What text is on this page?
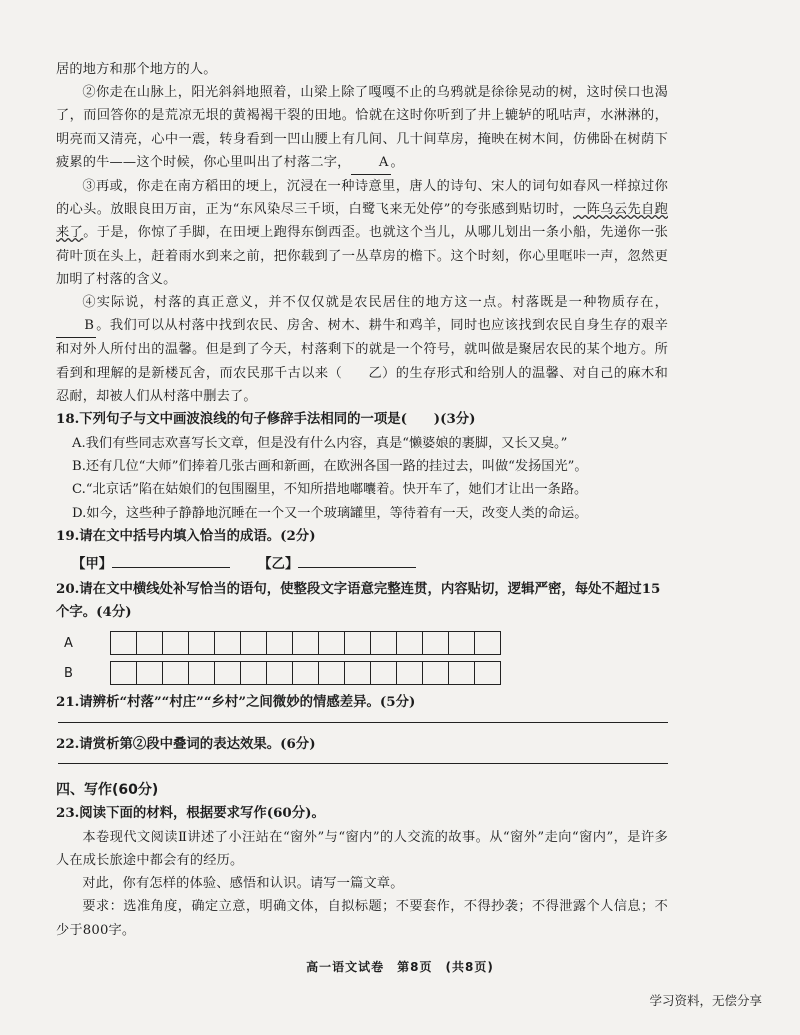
居的地方和那个地方的人。

②你走在山脉上，阳光斜斜地照着，山梁上除了嘎嘎不止的乌鸦就是徐徐晃动的树，这时侯口也渴了，而回答你的是荒凉无垠的黄褐褐干裂的田地。恰就在这时你听到了井上辘轳的吼咕声，水淋淋的，明亮而又清亮，心中一震，转身看到一凹山腰上有几间、几十间草房，掩映在树木间，仿佛卧在树荫下疲累的牛——这个时候，你心里叫出了村落二字， A 。

③再或，你走在南方稻田的埂上，沉浸在一种诗意里，唐人的诗句、宋人的词句如春风一样掠过你的心头。放眼良田万亩，正为“东风染尽三千顷，白鹭飞来无处停”的夸张感到贴切时，一阵乌云先自跑来了。于是，你惊了手脚，在田埂上跑得东倒西歪。也就这个当儿，从哪儿划出一条小船，先递你一张荷叶顶在头上，赶着雨水到来之前，把你载到了一丛草房的檐下。这个时刻，你心里哐咔一声，忽然更加明了村落的含义。

④实际说，村落的真正意义，并不仅仅就是农民居住的地方这一点。村落既是一种物质存在，B 。我们可以从村落中找到农民、房舍、树木、耕牛和鸡羊，同时也应该找到农民自身生存的艰辛和对外人所付出的温馨。但是到了今天，村落剩下的就是一个符号，就叫做是聚居农民的某个地方。所看到和理解的是新楼瓦舍，而农民那千古以来（ 乙）的生存形式和给别人的温馨、对自己的麻木和忍耐，却被人们从村落中删去了。

18.下列句子与文中画波浪线的句子修辞手法相同的一项是(　　)(3分)

A.我们有些同志欢喜写长文章，但是没有什么内容，真是“懒婆娘的裹脚，又长又臭。”

B.还有几位“大师”们捧着几张古画和新画，在欧洲各国一路的挂过去，叫做“发扬国光”。

C.“北京话”陷在姑娘们的包围圈里，不知所措地嘟囔着。快开车了，她们才让出一条路。

D.如今，这些种子静静地沉睡在一个又一个玻璃罐里，等待着有一天，改变人类的命运。

19.请在文中括号内填入恰当的成语。(2分)

【甲】	【乙】

20.请在文中横线处补写恰当的语句，使整段文字语意完整连贯，内容贴切，逻辑严密，每处不超过15个字。(4分)

A
B

21.请辨析“村落”“村庄”“乡村”之间微妙的情感差异。(5分)

22.请赏析第②段中叠词的表达效果。(6分)

四、写作(60分)

23.阅读下面的材料，根据要求写作(60分)。

本卷现代文阅读Ⅱ讲述了小汪站在“窗外”与“窗内”的人交流的故事。从“窗外”走向“窗内”，是许多人在成长旅途中都会有的经历。

对此，你有怎样的体验、感悟和认识。请写一篇文章。

要求：选准角度，确定立意，明确文体，自拟标题；不要套作，不得抄袭；不得泄露个人信息；不少于800字。

高一语文试卷　第8页　(共8页)
学习资料，无偿分享
